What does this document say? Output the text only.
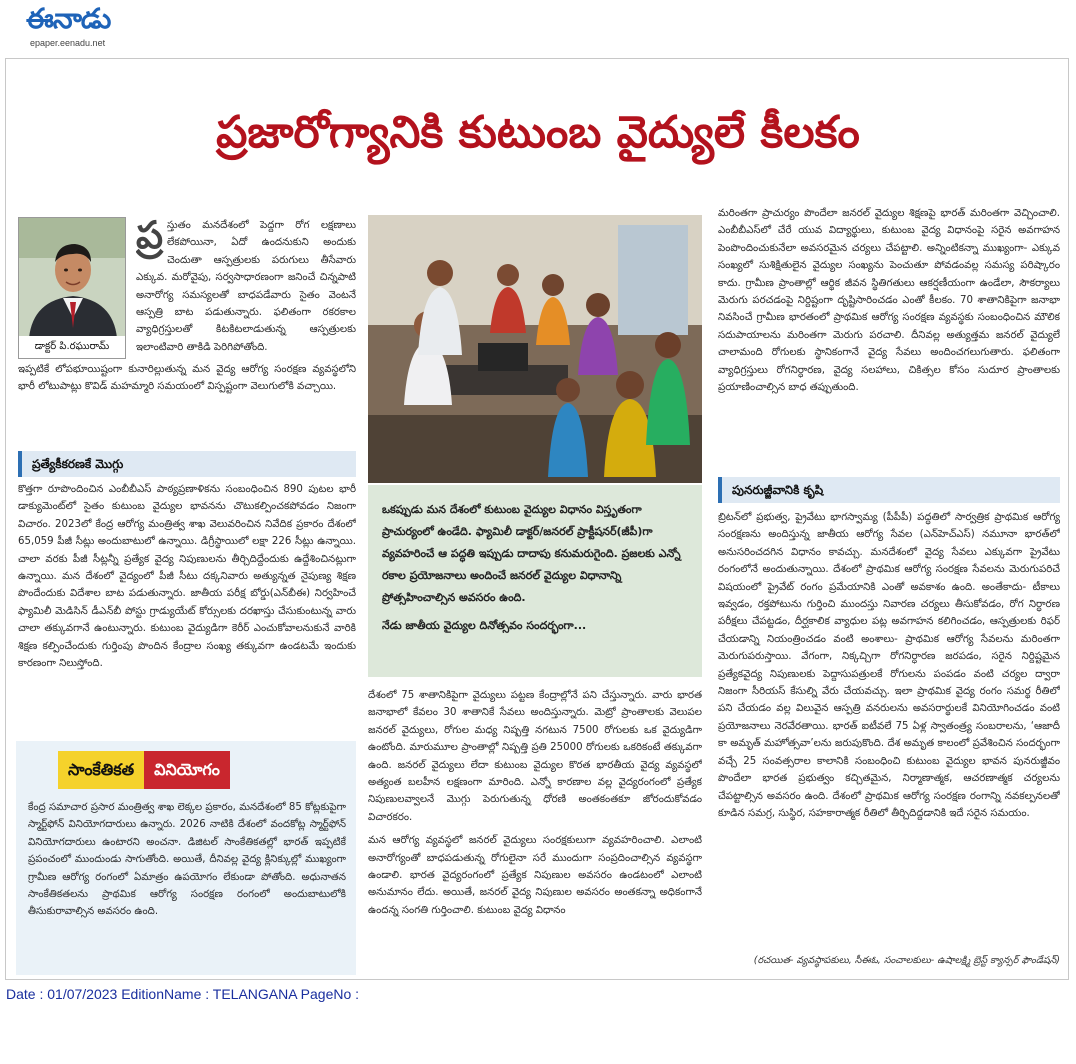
ఈనాడు
epaper.eenadu.net
ప్రజారోగ్యానికి కుటుంబ వైద్యులే కీలకం
డాక్టర్ పి.రఘురామ్
ప్ర స్తుతం మనదేశంలో పెద్దగా రోగ లక్షణాలు లేకపోయినా, ఏదో ఉందనుకుని అందుకు చెందుతా ఆస్పత్రులకు పరుగులు తీసేవారు ఎక్కువ. మరోవైపు, సర్వసాధారణంగా జనించే చిన్నపాటి అనారోగ్య సమస్యలతో బాధపడేవారు సైతం వెంటనే ఆస్పత్రి బాట పడుతున్నారు. ఫలితంగా రకరకాల వ్యాధిగ్రస్తులతో కిటకిటలాడుతున్న ఆస్పత్రులకు ఇలాంటివారి తాకిడి పెరిగిపోతోంది.
ఇప్పటికే లోపభూయిష్టంగా కునారిల్లుతున్న మన వైద్య ఆరోగ్య సంరక్షణ వ్యవస్థలోని భారీ లోటుపాట్లు కొవిడ్ మహమ్మారి సమయంలో విస్పష్టంగా వెలుగులోకి వచ్చాయి.
ప్రత్యేకీకరణకే మొగ్గు
కొత్తగా రూపొందించిన ఎంబీబీఎస్ పాఠ్యప్రణాళికను సంబంధించిన 890 పుటల భారీ డాక్యుమెంట్‌లో సైతం కుటుంబ వైద్యుల భావనను చొటుకల్పించకపోవడం నిజంగా విచారం. 2023లో కేంద్ర ఆరోగ్య మంత్రిత్వ శాఖ వెలువరించిన నివేదిక ప్రకారం దేశంలో 65,059 పీజీ సీట్లు అందుబాటులో ఉన్నాయి. డిగ్రీస్థాయిలో లక్షా 226 సీట్లు ఉన్నాయి. చాలా వరకు పీజీ సీట్లన్నీ ప్రత్యేక వైద్య నిపుణులను తీర్చిదిద్దేందుకు ఉద్దేశించినట్లుగా ఉన్నాయి. మన దేశంలో వైద్యంలో పీజీ సీటు దక్కనివారు అత్యున్నత నైపుణ్య శిక్షణ పొందేందుకు విదేశాల బాట పడుతున్నారు. జాతీయ పరీక్ష బోర్డు(ఎన్‌బీఈ) నిర్వహించే ఫ్యామిలీ మెడిసిన్ డీఎన్‌బీ పోస్టు గ్రాడ్యుయేట్ కోర్సులకు దరఖాస్తు చేసుకుంటున్న వారు చాలా తక్కువగానే ఉంటున్నారు. కుటుంబ వైద్యుడిగా కెరీర్ ఎంచుకోవాలనుకునే వారికి శిక్షణ కల్పించేందుకు గుర్తింపు పొందిన కేంద్రాల సంఖ్య తక్కువగా ఉండటమే ఇందుకు కారణంగా నిలుస్తోంది.
సాంకేతికత	వినియోగం
కేంద్ర సమాచార ప్రసార మంత్రిత్వ శాఖ లెక్కల ప్రకారం, మనదేశంలో 85 కోట్లకుపైగా స్మార్ట్‌ఫోన్ వినియోగదారులు ఉన్నారు. 2026 నాటికి దేశంలో వందకోట్ల స్మార్ట్‌ఫోన్ వినియోగదారులు ఉంటారని అంచనా. డిజిటల్ సాంకేతికతల్లో భారత్ ఇప్పటికే ప్రపంచంలో ముందుండు సాగుతోంది. అయితే, దీనివల్ల వైద్య క్లినిక్కుల్లో ముఖ్యంగా గ్రామీణ ఆరోగ్య రంగంలో ఏమాత్రం ఉపయోగం లేకుండా పోతోంది. అధునాతన సాంకేతికతలను ప్రాథమిక ఆరోగ్య సంరక్షణ రంగంలో అందుబాటులోకి తీసుకురావాల్సిన అవసరం ఉంది.

ఒకప్పుడు మన దేశంలో కుటుంబ వైద్యుల విధానం విస్తృతంగా ప్రాచుర్యంలో ఉండేది. ఫ్యామిలీ డాక్టర్/జనరల్ ప్రాక్టీషనర్(జీపీ)గా వ్యవహరించే ఆ పద్ధతి ఇప్పుడు దాదాపు కనుమరుగైంది. ప్రజలకు ఎన్నో రకాల ప్రయోజనాలు అందించే జనరల్ వైద్యుల విధానాన్ని ప్రోత్సహించాల్సిన అవసరం ఉంది.

నేడు జాతీయ వైద్యుల దినోత్సవం సందర్భంగా...

దేశంలో 75 శాతానికిపైగా వైద్యులు పట్టణ కేంద్రాల్లోనే పని చేస్తున్నారు. వారు భారత జనాభాలో కేవలం 30 శాతానికే సేవలు అందిస్తున్నారు. మెట్రో ప్రాంతాలకు వెలుపల జనరల్ వైద్యులు, రోగుల మధ్య నిష్పత్తి నగటున 7500 రోగులకు ఒక వైద్యుడిగా ఉంటోంది. మారుమూల ప్రాంతాల్లో నిష్పత్తి ప్రతి 25000 రోగులకు ఒకరికంటే తక్కువగా ఉంది. జనరల్ వైద్యులు లేదా కుటుంబ వైద్యుల కొరత భారతీయ వైద్య వ్యవస్థలో అత్యంత బలహీన లక్షణంగా మారింది. ఎన్నో కారణాల వల్ల వైద్యరంగంలో ప్రత్యేక నిపుణులవ్వాలనే మొగ్గు పెరుగుతున్న ధోరణి అంతకంతకూ జోరందుకోవడం విచారకరం.

మన ఆరోగ్య వ్యవస్థలో జనరల్ వైద్యులు సంరక్షకులుగా వ్యవహరించాలి. ఎలాంటి అనారోగ్యంతో బాధపడుతున్న రోగులైనా సరే ముందుగా సంప్రదించాల్సిన వ్యవస్థగా ఉండాలి. భారత వైద్యరంగంలో ప్రత్యేక నిపుణుల అవసరం ఉండటంలో ఎలాంటి అనుమానం లేదు. అయితే, జనరల్ వైద్య నిపుణుల అవసరం అంతకన్నా అధికంగానే ఉందన్న సంగతి గుర్తించాలి. కుటుంబ వైద్య విధానం

మరింతగా ప్రాచుర్యం పొందేలా జనరల్ వైద్యుల శిక్షణపై భారత్ మరింతగా వెచ్చించాలి. ఎంబీబీఎస్‌లో చేరే యువ విద్యార్థులు, కుటుంబ వైద్య విధానంపై సరైన అవగాహన పెంపొందించుకునేలా అవసరమైన చర్యలు చేపట్టాలి. అన్నింటికన్నా ముఖ్యంగా- ఎక్కువ సంఖ్యలో సుశిక్షితులైన వైద్యుల సంఖ్యను పెంచుతూ పోవడంవల్ల సమస్య పరిష్కారం కాదు. గ్రామీణ ప్రాంతాల్లో ఆర్థిక జీవన స్థితిగతులు ఆకర్షణీయంగా ఉండేలా, సౌకర్యాలు మెరుగు పరచడంపై నిర్దిష్టంగా దృష్టిసారించడం ఎంతో కీలకం. 70 శాతానికిపైగా జనాభా నివసించే గ్రామీణ భారతంలో ప్రాథమిక ఆరోగ్య సంరక్షణ వ్యవస్థకు సంబంధించిన మౌలిక సదుపాయాలను మరింతగా మెరుగు పరచాలి. దీనివల్ల అత్యుత్తమ జనరల్ వైద్యులే చాలామంది రోగులకు స్థానికంగానే వైద్య సేవలు అందించగలుగుతారు. ఫలితంగా వ్యాధిగ్రస్తులు రోగనిర్ధారణ, వైద్య సలహాలు, చికిత్సల కోసం సుదూర ప్రాంతాలకు ప్రయాణించాల్సిన బాధ తప్పుతుంది.
పునరుజ్జీవానికి కృషి
బ్రిటన్‌లో ప్రభుత్వ, ప్రైవేటు భాగస్వామ్య (పీపీపీ) పద్ధతిలో సార్వత్రిక ప్రాథమిక ఆరోగ్య సంరక్షణను అందిస్తున్న జాతీయ ఆరోగ్య సేవల (ఎన్‌హెచ్‌ఎస్) నమూనా భారత్‌లో అనుసరించదగిన విధానం కావచ్చు. మనదేశంలో వైద్య సేవలు ఎక్కువగా ప్రైవేటు రంగంలోనే అందుతున్నాయి. దేశంలో ప్రాథమిక ఆరోగ్య సంరక్షణ సేవలను మెరుగుపరిచే విషయంలో ప్రైవేట్ రంగం ప్రమేయానికి ఎంతో అవకాశం ఉంది. అంతేకాదు- టీకాలు ఇవ్వడం, రక్తపోటును గుర్తించి ముందస్తు నివారణ చర్యలు తీసుకోవడం, రోగ నిర్ధారణ పరీక్షలు చేపట్టడం, దీర్ఘకాలిక వ్యాధుల పట్ల అవగాహన కలిగించడం, ఆస్పత్రులకు రిఫర్ చేయడాన్ని నియంత్రించడం వంటి అంశాలు- ప్రాథమిక ఆరోగ్య సేవలను మరింతగా మెరుగుపరుస్తాయి. వేగంగా, నిక్కచ్చిగా రోగనిర్ధారణ జరపడం, సరైన నిర్దిష్టమైన ప్రత్యేకవైద్య నిపుణులకు పెద్దాసుపత్రులకే రోగులను పంపడం వంటి చర్యల ద్వారా నిజంగా సీరియస్ కేసుల్ని వేరు చేయవచ్చు. ఇలా ప్రాథమిక వైద్య రంగం సమర్థ రీతిలో పని చేయడం వల్ల విలువైన ఆస్పత్రి వనరులను అవసరార్థులకే వినియోగించడం వంటి ప్రయోజనాలు నెరవేరతాయి. భారత్ ఐటీవలే 75 ఏళ్ల స్వాతంత్ర్య సంబరాలను, ‘ఆజాదీ కా అమృత్ మహోత్సవా’లను జరుపుకొంది. దేశ అమృత కాలంలో ప్రవేశించిన సందర్భంగా వచ్చే 25 సంవత్సరాల కాలానికి సంబంధించి కుటుంబ వైద్యుల భావన పునరుజ్జీవం పొందేలా భారత ప్రభుత్వం కచ్చితమైన, నిర్మాణాత్మక, ఆచరణాత్మక చర్యలను చేపట్టాల్సిన అవసరం ఉంది. దేశంలో ప్రాథమిక ఆరోగ్య సంరక్షణ రంగాన్ని నవకల్పనలతో కూడిన సమగ్ర, సుస్థిర, సహకారాత్మక రీతిలో తీర్చిదిద్దడానికి ఇదే సరైన సమయం.
(రచయిత- వ్యవస్థాపకులు, సీఈఓ, సంచాలకులు- ఉషాలక్ష్మి బ్రెస్ట్ క్యాన్సర్ ఫౌండేషన్)
Date : 01/07/2023 EditionName : TELANGANA PageNo :
